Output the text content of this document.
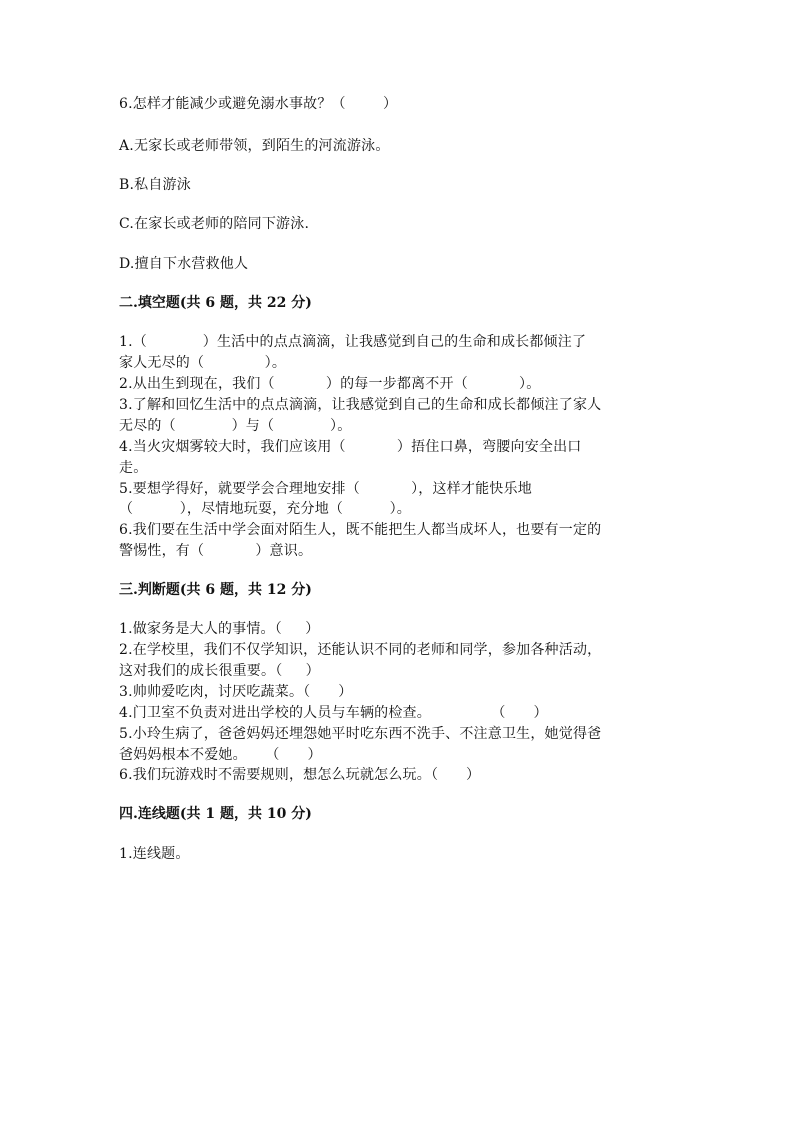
6.怎样才能减少或避免溺水事故？（        ）
A.无家长或老师带领，到陌生的河流游泳。
B.私自游泳
C.在家长或老师的陪同下游泳.
D.擅自下水营救他人
二.填空题(共 6 题，共 22 分)
1.（            ）生活中的点点滴滴，让我感觉到自己的生命和成长都倾注了
家人无尽的（             ）。
2.从出生到现在，我们（           ）的每一步都离不开（           ）。
3.了解和回忆生活中的点点滴滴，让我感觉到自己的生命和成长都倾注了家人
无尽的（            ）与（            ）。
4.当火灾烟雾较大时，我们应该用（           ）捂住口鼻，弯腰向安全出口
走。
5.要想学得好，就要学会合理地安排（           ），这样才能快乐地
（          ），尽情地玩耍，充分地（          ）。
6.我们要在生活中学会面对陌生人，既不能把生人都当成坏人，也要有一定的
警惕性，有（           ）意识。
三.判断题(共 6 题，共 12 分)
1.做家务是大人的事情。（     ）
2.在学校里，我们不仅学知识，还能认识不同的老师和同学，参加各种活动，
这对我们的成长很重要。（     ）
3.帅帅爱吃肉，讨厌吃蔬菜。（      ）
4.门卫室不负责对进出学校的人员与车辆的检查。             （      ）
5.小玲生病了，爸爸妈妈还埋怨她平时吃东西不洗手、不注意卫生，她觉得爸
爸妈妈根本不爱她。    （      ）
6.我们玩游戏时不需要规则，想怎么玩就怎么玩。（      ）
四.连线题(共 1 题，共 10 分)
1.连线题。
